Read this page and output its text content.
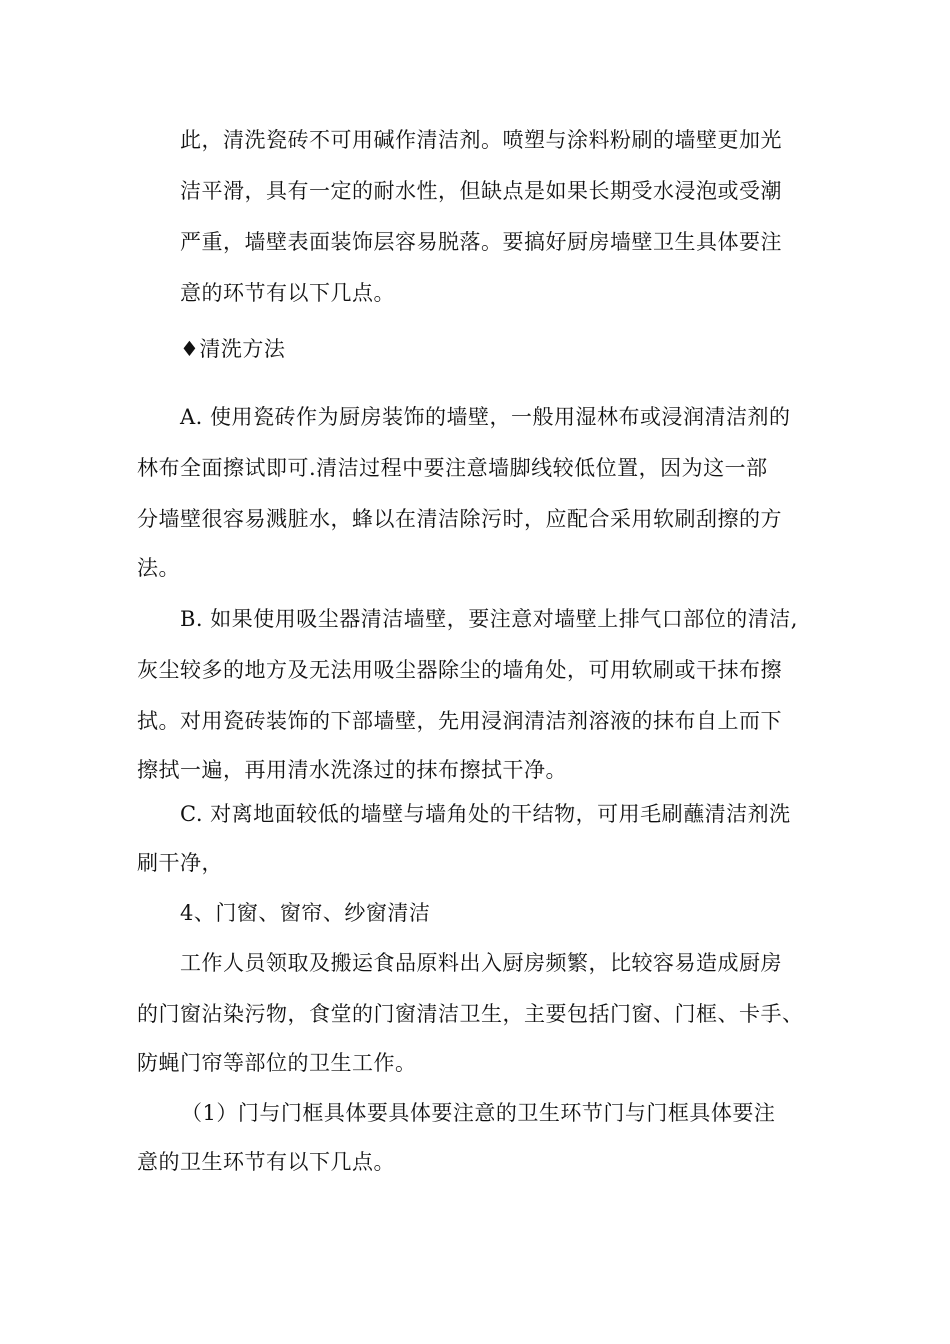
此，清洗瓷砖不可用碱作清洁剂。喷塑与涂料粉刷的墙壁更加光

洁平滑，具有一定的耐水性，但缺点是如果长期受水浸泡或受潮

严重，墙壁表面装饰层容易脱落。要搞好厨房墙壁卫生具体要注

意的环节有以下几点。

♦清洗方法

A. 使用瓷砖作为厨房装饰的墙壁，一般用湿林布或浸润清洁剂的

林布全面擦试即可.清洁过程中要注意墙脚线较低位置，因为这一部

分墙壁很容易溅脏水，蜂以在清洁除污时，应配合采用软刷刮擦的方

法。

B. 如果使用吸尘器清洁墙壁，要注意对墙壁上排气口部位的清洁,

灰尘较多的地方及无法用吸尘器除尘的墙角处，可用软刷或干抹布擦

拭。对用瓷砖装饰的下部墙壁，先用浸润清洁剂溶液的抹布自上而下

擦拭一遍，再用清水洗涤过的抹布擦拭干净。

C. 对离地面较低的墙壁与墙角处的干结物，可用毛刷蘸清洁剂洗

刷干净，

4、门窗、窗帘、纱窗清洁

工作人员领取及搬运食品原料出入厨房频繁，比较容易造成厨房

的门窗沾染污物，食堂的门窗清洁卫生，主要包括门窗、门框、卡手、

防蝇门帘等部位的卫生工作。

（1）门与门框具体要具体要注意的卫生环节门与门框具体要注

意的卫生环节有以下几点。
